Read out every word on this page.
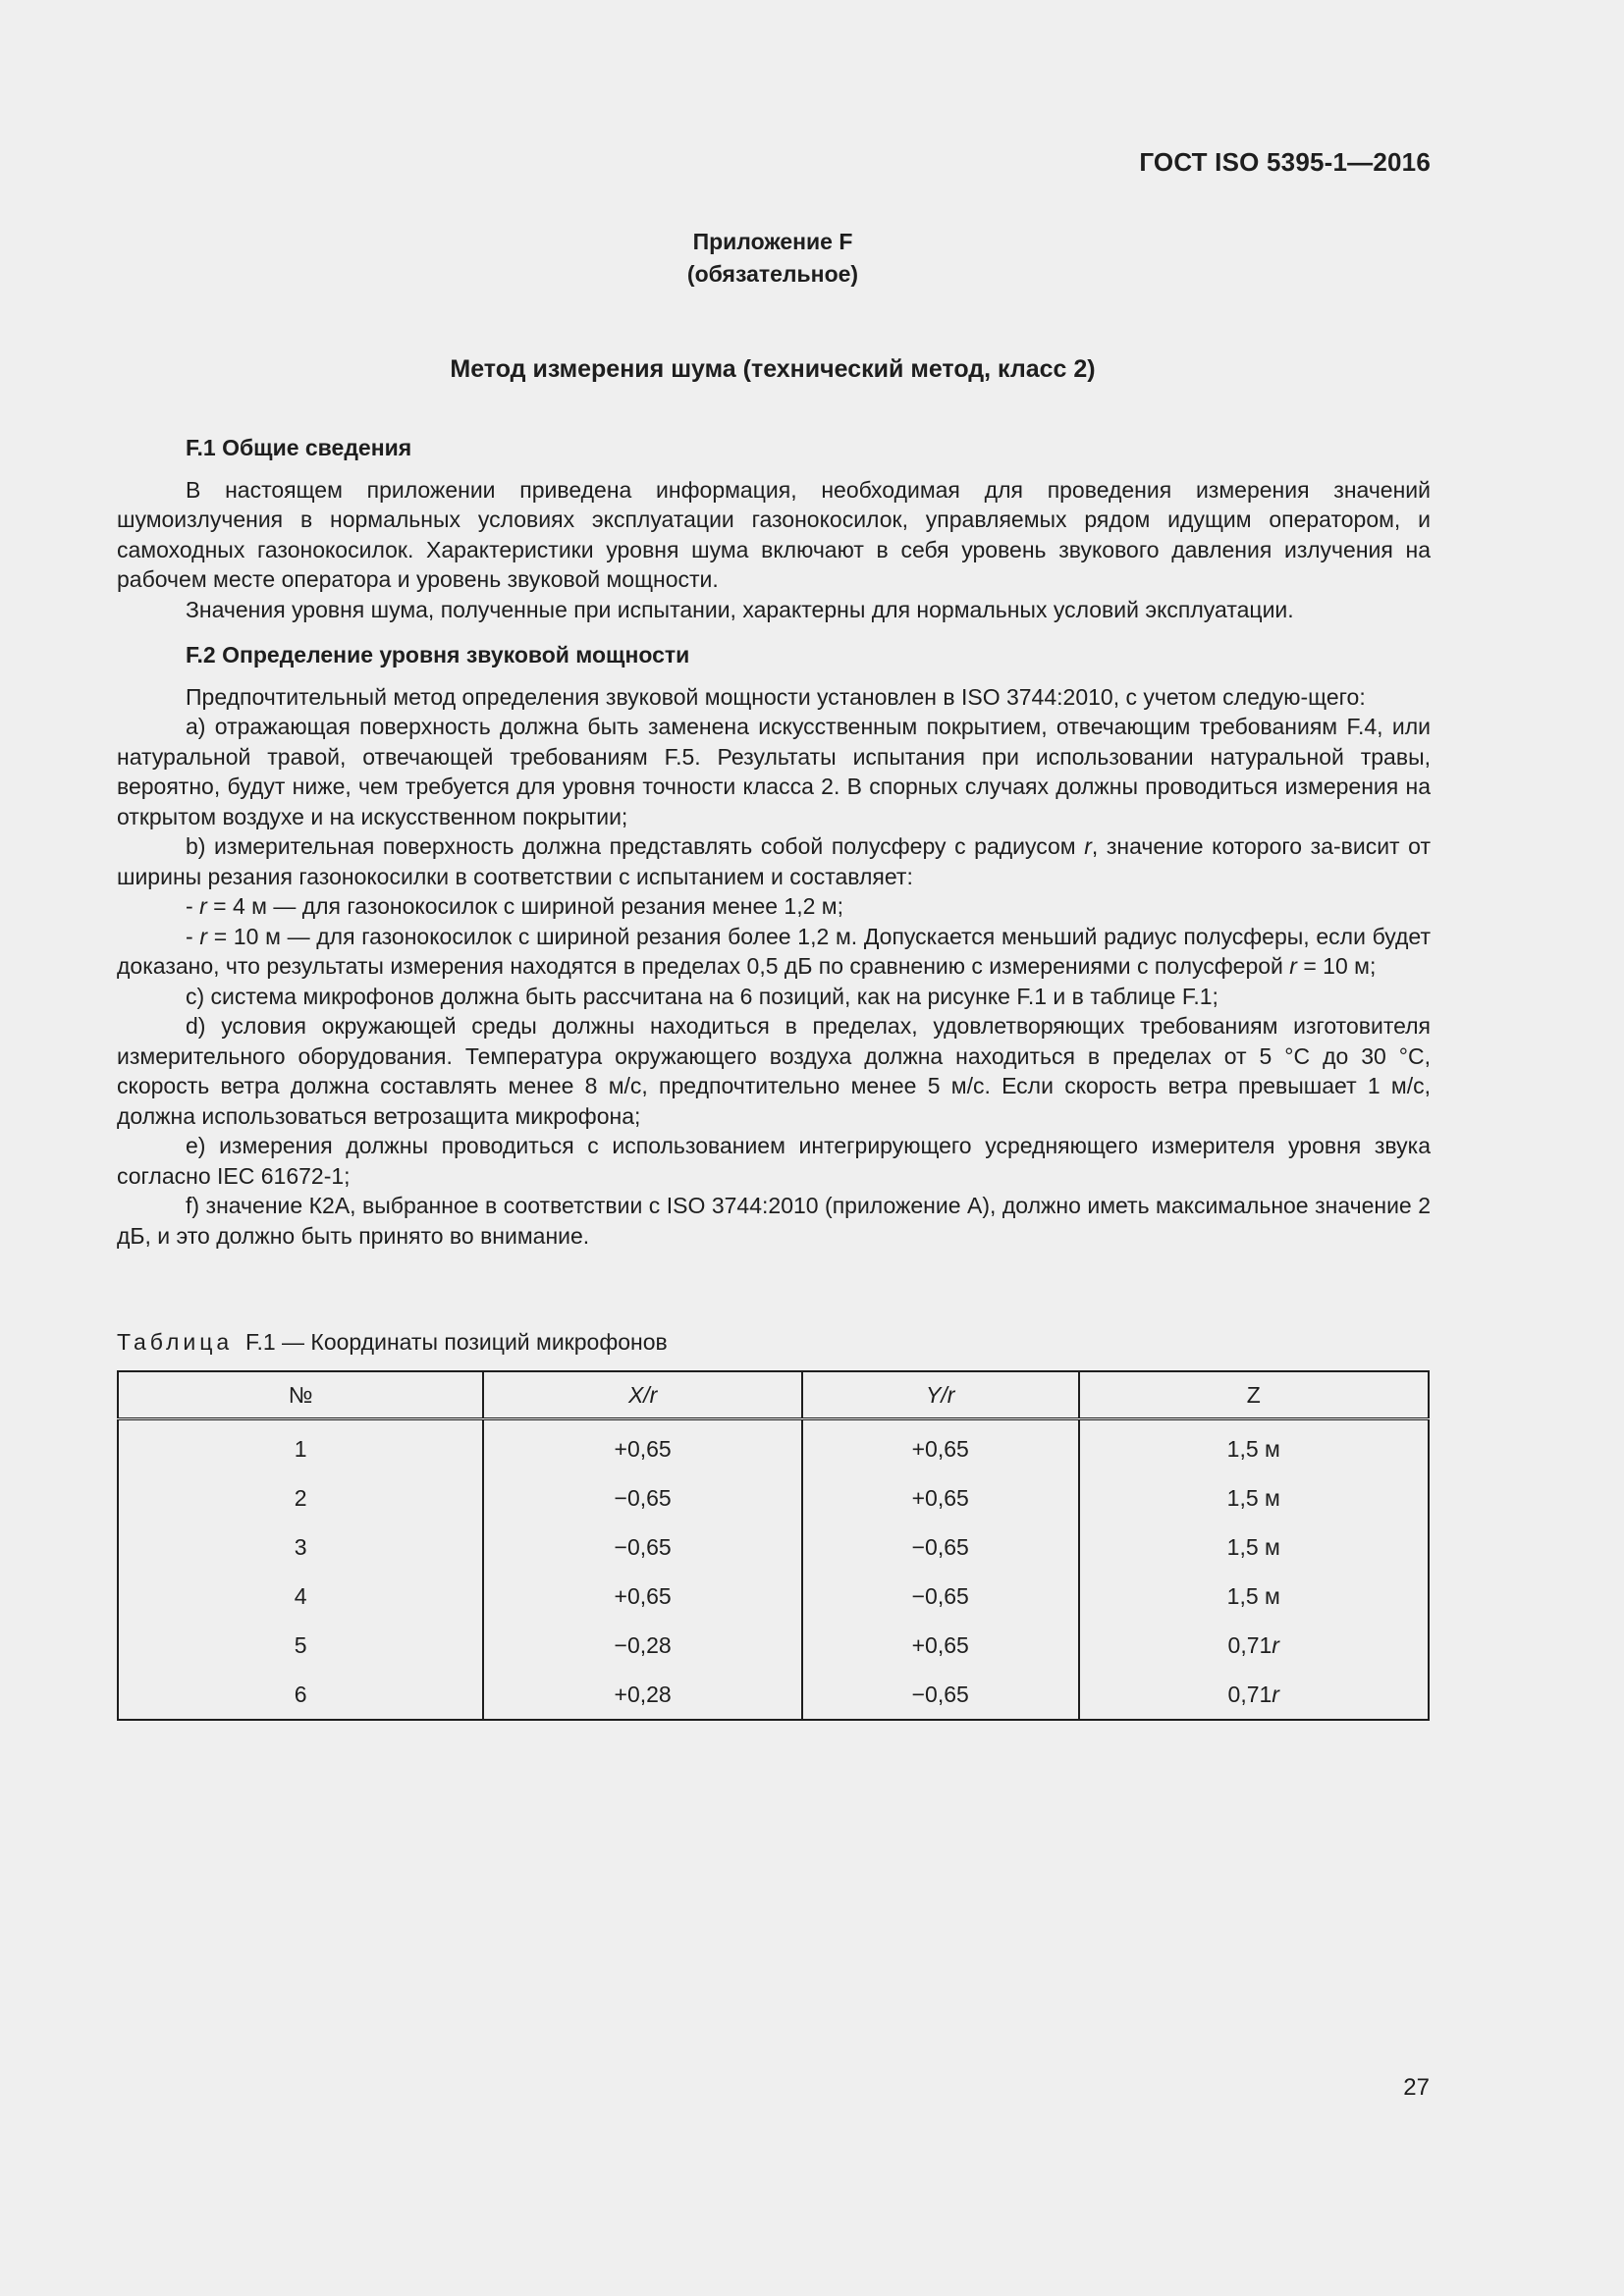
ГОСТ ISO 5395-1—2016
Приложение F
(обязательное)
Метод измерения шума (технический метод, класс 2)
F.1 Общие сведения

В настоящем приложении приведена информация, необходимая для проведения измерения значений шумоизлучения в нормальных условиях эксплуатации газонокосилок, управляемых рядом идущим оператором, и самоходных газонокосилок. Характеристики уровня шума включают в себя уровень звукового давления излучения на рабочем месте оператора и уровень звуковой мощности.

Значения уровня шума, полученные при испытании, характерны для нормальных условий эксплуатации.

F.2 Определение уровня звуковой мощности

Предпочтительный метод определения звуковой мощности установлен в ISO 3744:2010, с учетом следую-щего:

a) отражающая поверхность должна быть заменена искусственным покрытием, отвечающим требованиям F.4, или натуральной травой, отвечающей требованиям F.5. Результаты испытания при использовании натуральной травы, вероятно, будут ниже, чем требуется для уровня точности класса 2. В спорных случаях должны проводиться измерения на открытом воздухе и на искусственном покрытии;

b) измерительная поверхность должна представлять собой полусферу с радиусом r, значение которого за-висит от ширины резания газонокосилки в соответствии с испытанием и составляет:

- r = 4 м — для газонокосилок с шириной резания менее 1,2 м;

- r = 10 м — для газонокосилок с шириной резания более 1,2 м. Допускается меньший радиус полусферы, если будет доказано, что результаты измерения находятся в пределах 0,5 дБ по сравнению с измерениями с полусферой r = 10 м;

c) система микрофонов должна быть рассчитана на 6 позиций, как на рисунке F.1 и в таблице F.1;

d) условия окружающей среды должны находиться в пределах, удовлетворяющих требованиям изготовителя измерительного оборудования. Температура окружающего воздуха должна находиться в пределах от 5 °С до 30 °С, скорость ветра должна составлять менее 8 м/с, предпочтительно менее 5 м/с. Если скорость ветра превышает 1 м/с, должна использоваться ветрозащита микрофона;

e) измерения должны проводиться с использованием интегрирующего усредняющего измерителя уровня звука согласно IEC 61672-1;

f) значение К2А, выбранное в соответствии с ISO 3744:2010 (приложение А), должно иметь максимальное значение 2 дБ, и это должно быть принято во внимание.

Таблица F.1 — Координаты позиций микрофонов
№	X/r	Y/r	Z
1	+0,65	+0,65	1,5 м
2	−0,65	+0,65	1,5 м
3	−0,65	−0,65	1,5 м
4	+0,65	−0,65	1,5 м
5	−0,28	+0,65	0,71r
6	+0,28	−0,65	0,71r
27
